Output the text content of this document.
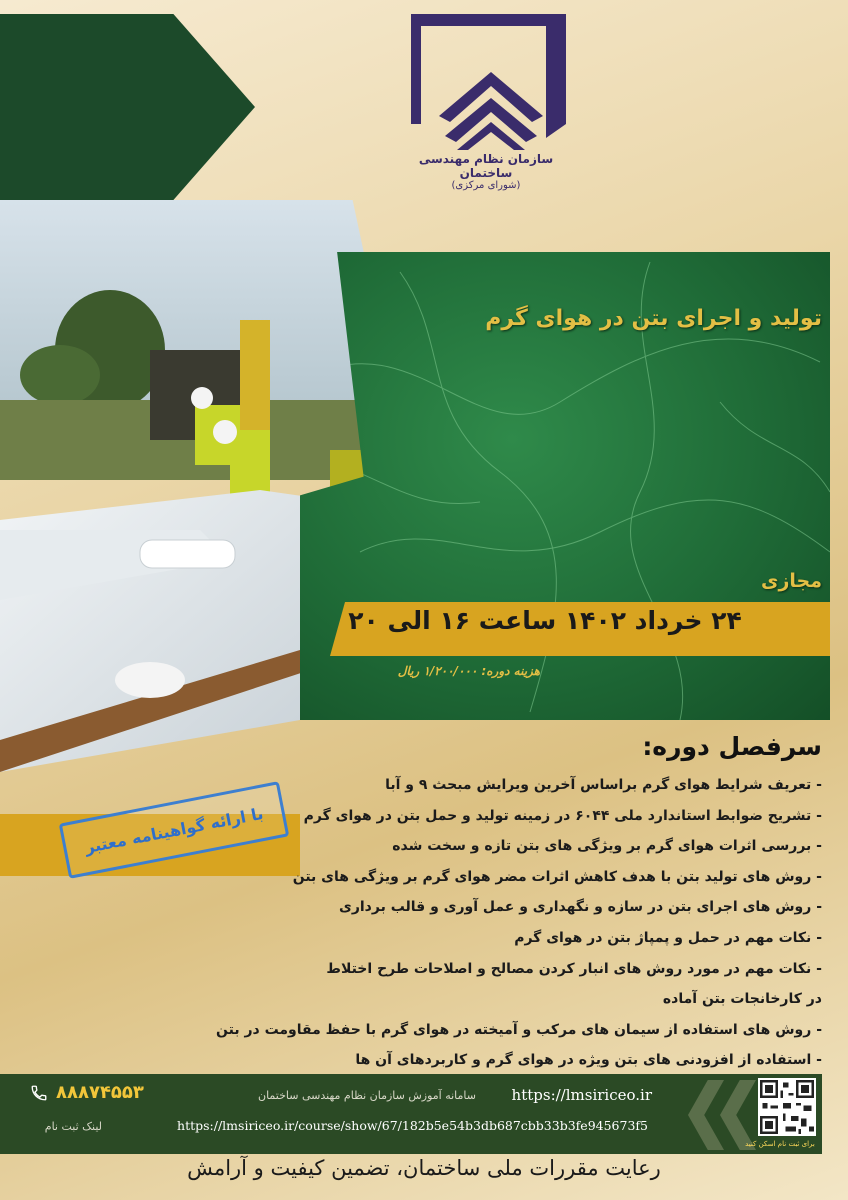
سازمان نظام مهندسی ساختمان
(شورای مرکزی)
تولید و اجرای بتن در هوای گرم
مجازی
۲۴ خرداد ۱۴۰۲ ساعت ۱۶ الی ۲۰
هزینه دوره: ۱/۲۰۰/۰۰۰ ریال
با ارائه گواهینامه معتبر
سرفصل دوره:
- تعریف شرایط هوای گرم براساس آخرین ویرایش مبحث ۹ و آبا
- تشریح ضوابط استاندارد ملی ۶۰۴۴ در زمینه تولید و حمل بتن در هوای گرم
- بررسی اثرات هوای گرم بر ویژگی های بتن تازه و سخت شده
- روش های تولید بتن با هدف کاهش اثرات مضر هوای گرم بر ویژگی های بتن
- روش های اجرای بتن در سازه و نگهداری و عمل آوری و قالب برداری
- نکات مهم در حمل و پمپاژ بتن در هوای گرم
- نکات مهم در مورد روش های انبار کردن مصالح و اصلاحات طرح اختلاط
در کارخانجات بتن آماده
- روش های استفاده از سیمان های مرکب و آمیخته در هوای گرم با حفظ مقاومت در بتن
- استفاده از افزودنی های بتن ویژه در هوای گرم و کاربردهای آن ها
برای ثبت نام اسکن کنید
https://lmsiriceo.ir
سامانه آموزش سازمان نظام مهندسی ساختمان
۸۸۸۷۴۵۵۳
https://lmsiriceo.ir/course/show/67/182b5e54b3db687cbb33b3fe945673f5
لینک ثبت نام
رعایت مقررات ملی ساختمان، تضمین کیفیت و آرامش
